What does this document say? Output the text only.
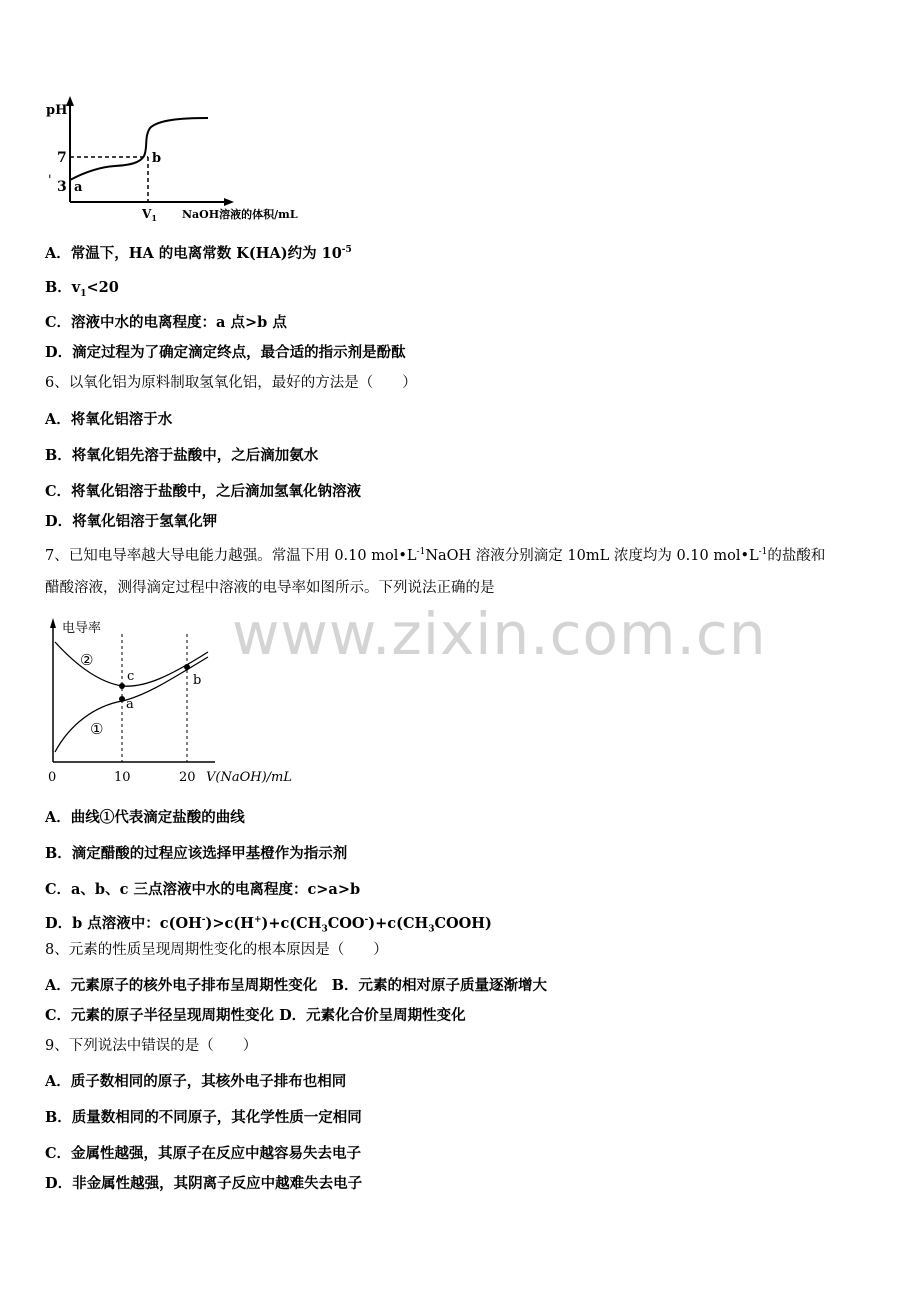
pH
7
' 3 a
b
$V_1$ NaOH溶液的体积/mL
A．常温下，HA 的电离常数 K(HA)约为 $10^{-5}$
B．$v_1<20$
C．溶液中水的电离程度：a 点>b 点
D．滴定过程为了确定滴定终点，最合适的指示剂是酚酞
6、以氧化铝为原料制取氢氧化铝，最好的方法是（　　）
A．将氧化铝溶于水
B．将氧化铝先溶于盐酸中，之后滴加氨水
C．将氧化铝溶于盐酸中，之后滴加氢氧化钠溶液
D．将氧化铝溶于氢氧化钾
7、已知电导率越大导电能力越强。常温下用 0.10 $mol•L^{-1}NaOH$ 溶液分别滴定 10mL 浓度均为 0.10 $mol•L^{-1}$的盐酸和
醋酸溶液，测得滴定过程中溶液的电导率如图所示。下列说法正确的是
www.zixin.com.cn
电导率
②
①
c
a
b
0	10	20 V(NaOH)/mL
A．曲线①代表滴定盐酸的曲线
B．滴定醋酸的过程应该选择甲基橙作为指示剂
C．a、b、c 三点溶液中水的电离程度：c>a>b
D．b 点溶液中：$c(OH^-)>c(H^+)+c(CH_3COO^-)+c(CH_3COOH)$
8、元素的性质呈现周期性变化的根本原因是（　　）
A．元素原子的核外电子排布呈周期性变化　B．元素的相对原子质量逐渐增大
C．元素的原子半径呈现周期性变化 D．元素化合价呈周期性变化
9、下列说法中错误的是（　　）
A．质子数相同的原子，其核外电子排布也相同
B．质量数相同的不同原子，其化学性质一定相同
C．金属性越强，其原子在反应中越容易失去电子
D．非金属性越强，其阴离子反应中越难失去电子
